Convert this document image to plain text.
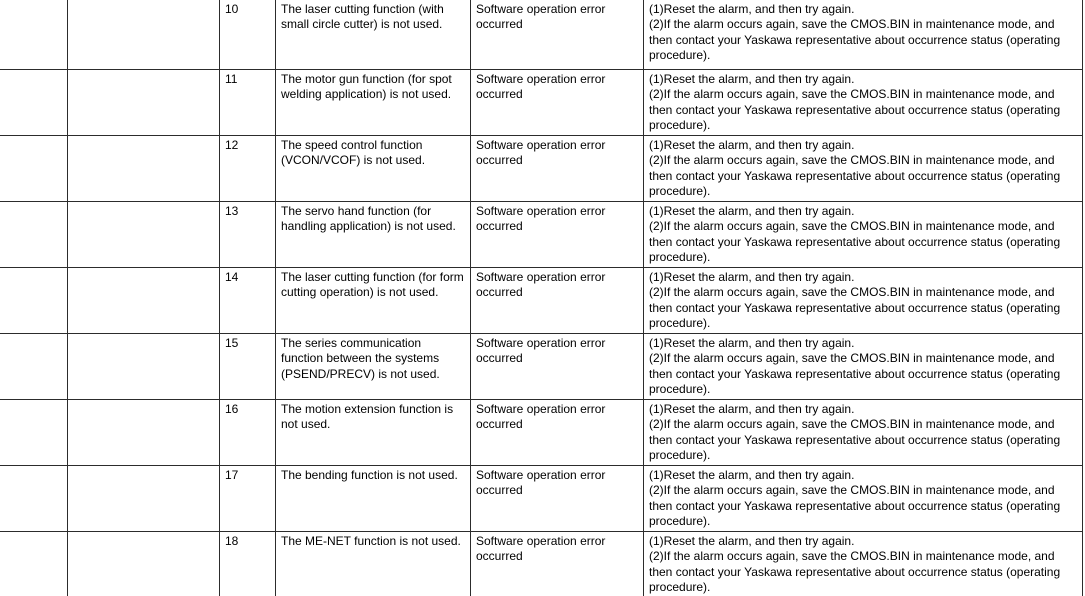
		10	The laser cutting function (with small circle cutter) is not used.	Software operation error occurred	(1)Reset the alarm, and then try again.
(2)If the alarm occurs again, save the CMOS.BIN in maintenance mode, and then contact your Yaskawa representative about occurrence status (operating procedure).

		11	The motor gun function (for spot welding application) is not used.	Software operation error occurred	(1)Reset the alarm, and then try again.
(2)If the alarm occurs again, save the CMOS.BIN in maintenance mode, and then contact your Yaskawa representative about occurrence status (operating procedure).

		12	The speed control function (VCON/VCOF) is not used.	Software operation error occurred	(1)Reset the alarm, and then try again.
(2)If the alarm occurs again, save the CMOS.BIN in maintenance mode, and then contact your Yaskawa representative about occurrence status (operating procedure).

		13	The servo hand function (for handling application) is not used.	Software operation error occurred	(1)Reset the alarm, and then try again.
(2)If the alarm occurs again, save the CMOS.BIN in maintenance mode, and then contact your Yaskawa representative about occurrence status (operating procedure).

		14	The laser cutting function (for form cutting operation) is not used.	Software operation error occurred	(1)Reset the alarm, and then try again.
(2)If the alarm occurs again, save the CMOS.BIN in maintenance mode, and then contact your Yaskawa representative about occurrence status (operating procedure).

		15	The series communication function between the systems (PSEND/PRECV) is not used.	Software operation error occurred	(1)Reset the alarm, and then try again.
(2)If the alarm occurs again, save the CMOS.BIN in maintenance mode, and then contact your Yaskawa representative about occurrence status (operating procedure).

		16	The motion extension function is not used.	Software operation error occurred	(1)Reset the alarm, and then try again.
(2)If the alarm occurs again, save the CMOS.BIN in maintenance mode, and then contact your Yaskawa representative about occurrence status (operating procedure).

		17	The bending function is not used.	Software operation error occurred	(1)Reset the alarm, and then try again.
(2)If the alarm occurs again, save the CMOS.BIN in maintenance mode, and then contact your Yaskawa representative about occurrence status (operating procedure).

		18	The ME-NET function is not used.	Software operation error occurred	(1)Reset the alarm, and then try again.
(2)If the alarm occurs again, save the CMOS.BIN in maintenance mode, and then contact your Yaskawa representative about occurrence status (operating procedure).
